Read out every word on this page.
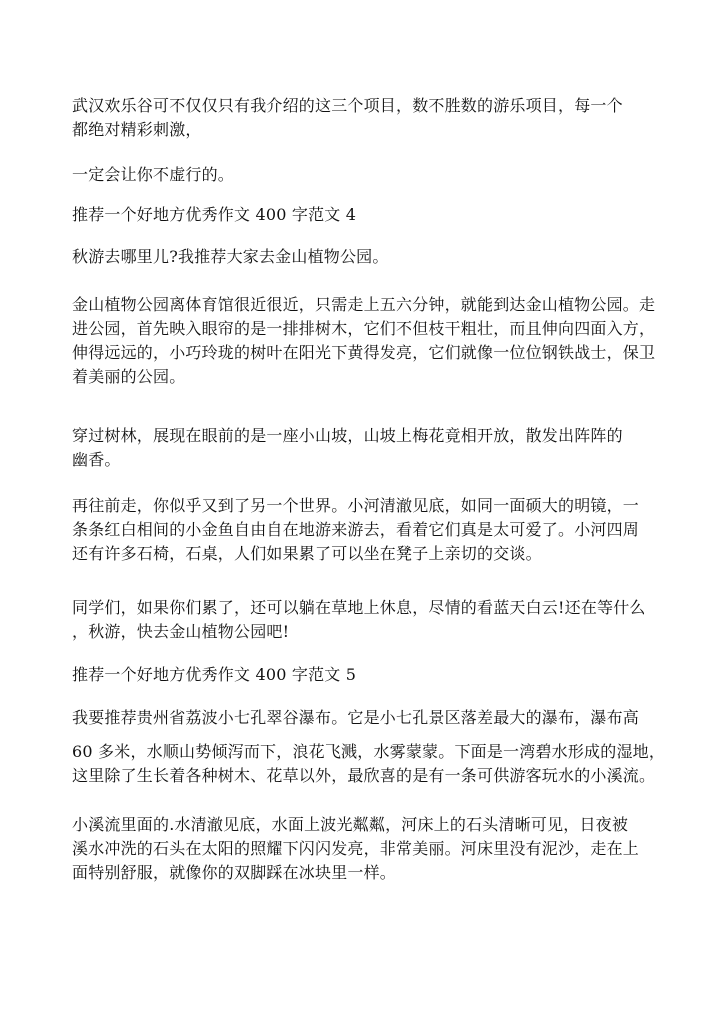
武汉欢乐谷可不仅仅只有我介绍的这三个项目，数不胜数的游乐项目，每一个
都绝对精彩刺激，

一定会让你不虚行的。

推荐一个好地方优秀作文 400 字范文 4

秋游去哪里儿?我推荐大家去金山植物公园。

金山植物公园离体育馆很近很近，只需走上五六分钟，就能到达金山植物公园。走
进公园，首先映入眼帘的是一排排树木，它们不但枝干粗壮，而且伸向四面入方，
伸得远远的，小巧玲珑的树叶在阳光下黄得发亮，它们就像一位位钢铁战士，保卫
着美丽的公园。

穿过树林，展现在眼前的是一座小山坡，山坡上梅花竟相开放，散发出阵阵的
幽香。

再往前走，你似乎又到了另一个世界。小河清澈见底，如同一面硕大的明镜，一
条条红白相间的小金鱼自由自在地游来游去，看着它们真是太可爱了。小河四周
还有许多石椅，石桌，人们如果累了可以坐在凳子上亲切的交谈。

同学们，如果你们累了，还可以躺在草地上休息，尽情的看蓝天白云!还在等什么
，秋游，快去金山植物公园吧!

推荐一个好地方优秀作文 400 字范文 5

我要推荐贵州省荔波小七孔翠谷瀑布。它是小七孔景区落差最大的瀑布，瀑布高

60 多米，水顺山势倾泻而下，浪花飞溅，水雾蒙蒙。下面是一湾碧水形成的湿地，
这里除了生长着各种树木、花草以外，最欣喜的是有一条可供游客玩水的小溪流。

小溪流里面的.水清澈见底，水面上波光粼粼，河床上的石头清晰可见，日夜被
溪水冲洗的石头在太阳的照耀下闪闪发亮，非常美丽。河床里没有泥沙，走在上
面特别舒服，就像你的双脚踩在冰块里一样。
